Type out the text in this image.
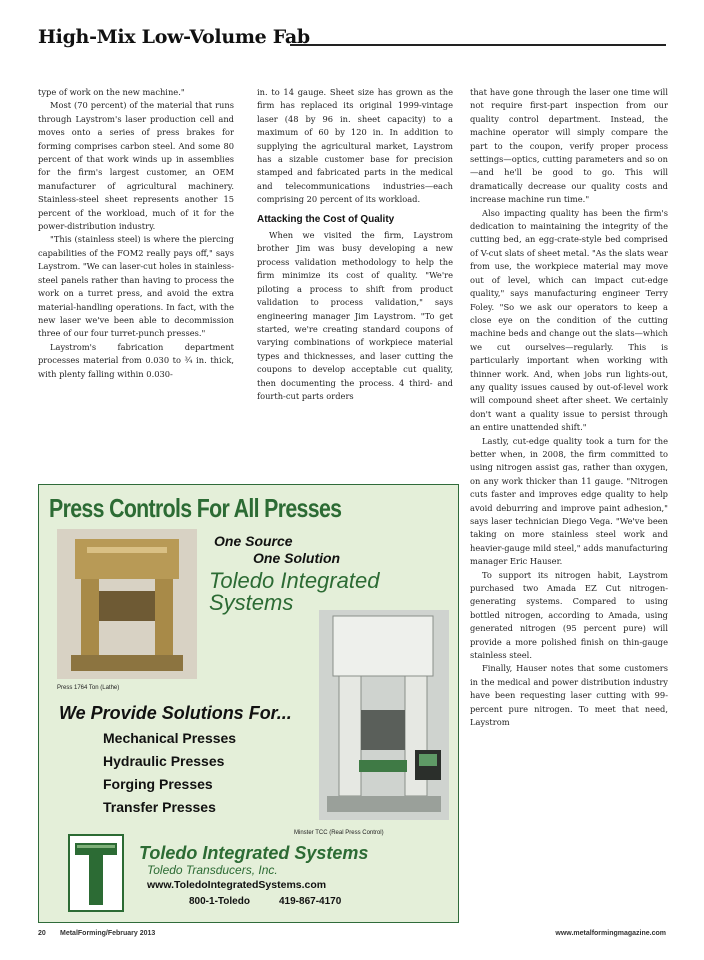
High-Mix Low-Volume Fab

type of work on the new machine."

Most (70 percent) of the material that runs through Laystrom's laser production cell and moves onto a series of press brakes for forming comprises carbon steel. And some 80 percent of that work winds up in assemblies for the firm's largest customer, an OEM manufacturer of agricultural machinery. Stainless-steel sheet represents another 15 percent of the workload, much of it for the power-distribution industry.

"This (stainless steel) is where the piercing capabilities of the FOM2 really pays off," says Laystrom. "We can laser-cut holes in stainless-steel panels rather than having to process the work on a turret press, and avoid the extra material-handling operations. In fact, with the new laser we've been able to decommission three of our four turret-punch presses."

Laystrom's fabrication department processes material from 0.030 to ¾ in. thick, with plenty falling within 0.030-

in. to 14 gauge. Sheet size has grown as the firm has replaced its original 1999-vintage laser (48 by 96 in. sheet capacity) to a maximum of 60 by 120 in. In addition to supplying the agricultural market, Laystrom has a sizable customer base for precision stamped and fabricated parts in the medical and telecommunications industries—each comprising 20 percent of its workload.

Attacking the Cost of Quality

When we visited the firm, Laystrom brother Jim was busy developing a new process validation methodology to help the firm minimize its cost of quality. "We're piloting a process to shift from product validation to process validation," says engineering manager Jim Laystrom. "To get started, we're creating standard coupons of varying combinations of workpiece material types and thicknesses, and laser cutting the coupons to develop acceptable cut quality, then documenting the process. 4 third- and fourth-cut parts orders

that have gone through the laser one time will not require first-part inspection from our quality control department. Instead, the machine operator will simply compare the part to the coupon, verify proper process settings—optics, cutting parameters and so on—and he'll be good to go. This will dramatically decrease our quality costs and increase machine run time."

Also impacting quality has been the firm's dedication to maintaining the integrity of the cutting bed, an egg-crate-style bed comprised of V-cut slats of sheet metal. "As the slats wear from use, the workpiece material may move out of level, which can impact cut-edge quality," says manufacturing engineer Terry Foley. "So we ask our operators to keep a close eye on the condition of the cutting machine beds and change out the slats—which we cut ourselves—regularly. This is particularly important when working with thinner work. And, when jobs run lights-out, any quality issues caused by out-of-level work will compound sheet after sheet. We certainly don't want a quality issue to persist through an entire unattended shift."

Lastly, cut-edge quality took a turn for the better when, in 2008, the firm committed to using nitrogen assist gas, rather than oxygen, on any work thicker than 11 gauge. "Nitrogen cuts faster and improves edge quality to help avoid deburring and improve paint adhesion," says laser technician Diego Vega. "We've been taking on more stainless steel work and heavier-gauge mild steel," adds manufacturing manager Eric Hauser.

To support its nitrogen habit, Laystrom purchased two Amada EZ Cut nitrogen-generating systems. Compared to using bottled nitrogen, according to Amada, using generated nitrogen (95 percent pure) will provide a more polished finish on thin-gauge stainless steel.

Finally, Hauser notes that some customers in the medical and power distribution industry have been requesting laser cutting with 99-percent pure nitrogen. To meet that need, Laystrom

Press Controls For All Presses
Press 1764 Ton (Lathe)
One Source
One Solution
Toledo Integrated Systems
Minster TCC (Real Press Control)
We Provide Solutions For...
Mechanical Presses
Hydraulic Presses
Forging Presses
Transfer Presses
Toledo Integrated Systems
Toledo Transducers, Inc.
www.ToledoIntegratedSystems.com
800-1-Toledo	419-867-4170
20 MetalForming/February 2013	www.metalformingmagazine.com
